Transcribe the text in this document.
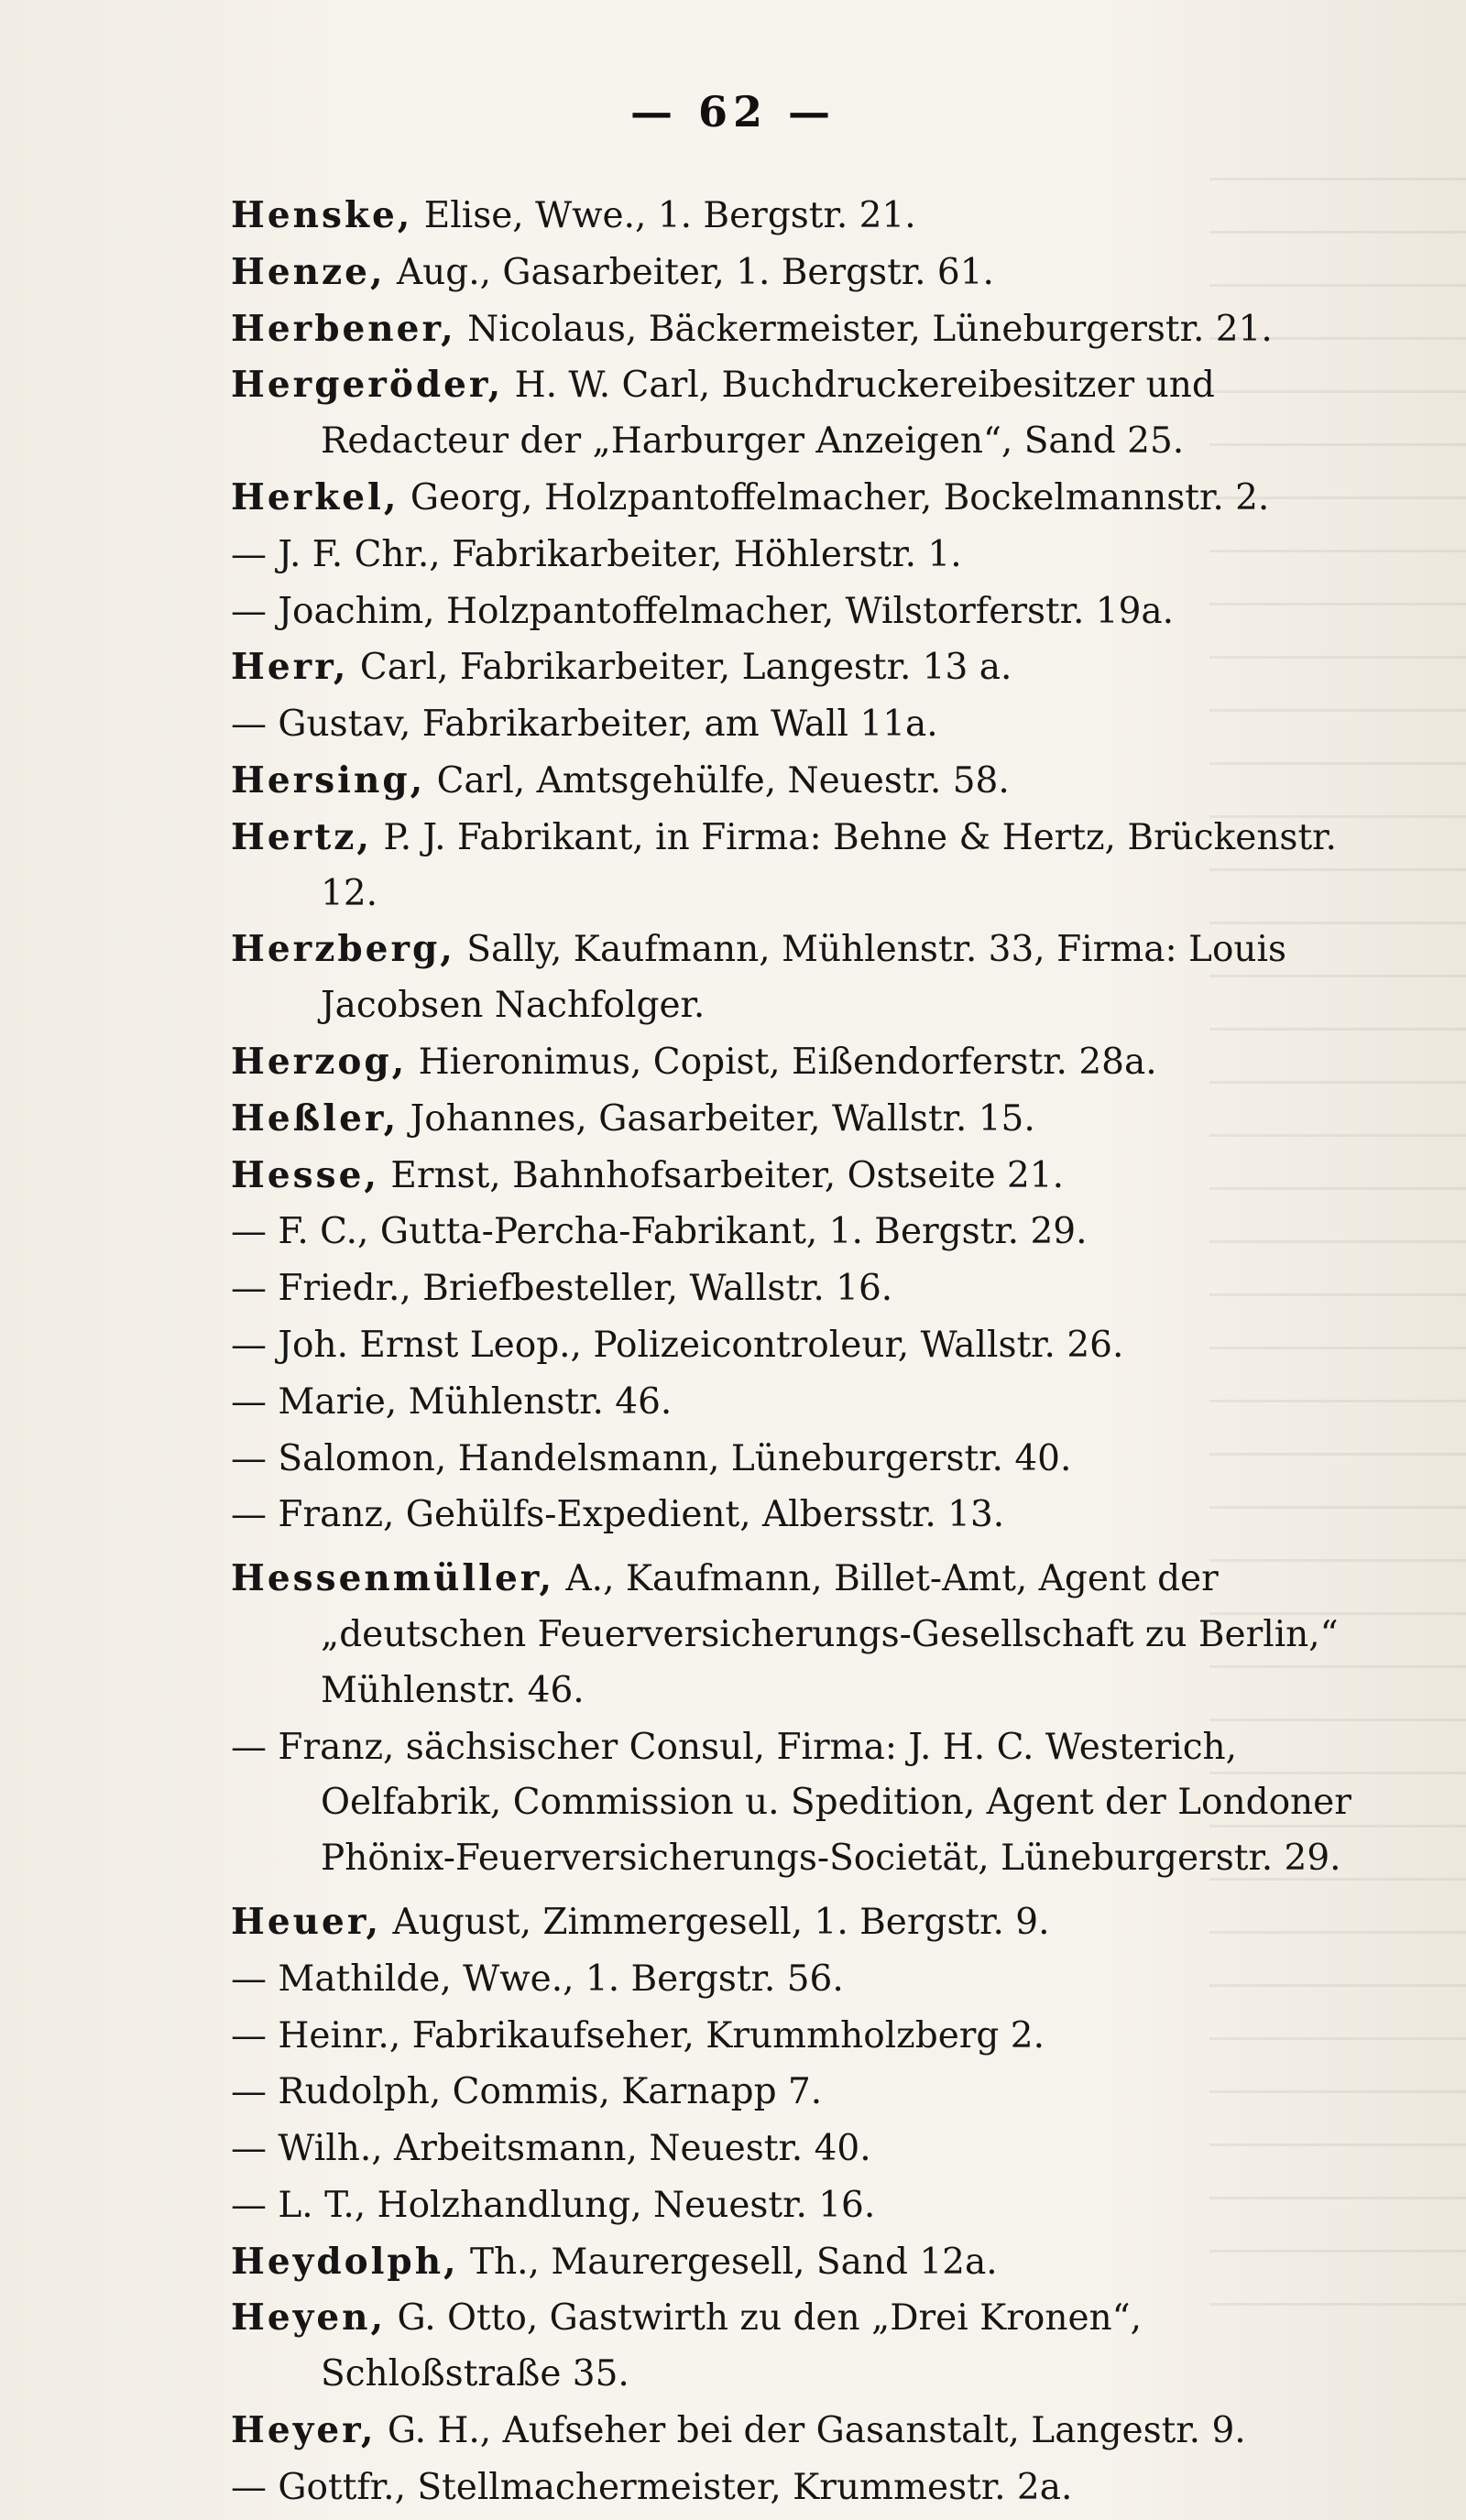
— 62 —

Henske, Elise, Wwe., 1. Bergstr. 21.

Henze, Aug., Gasarbeiter, 1. Bergstr. 61.

Herbener, Nicolaus, Bäckermeister, Lüneburgerstr. 21.

Hergeröder, H. W. Carl, Buchdruckereibesitzer und Redacteur der „Harburger Anzeigen“, Sand 25.

Herkel, Georg, Holzpantoffelmacher, Bockelmannstr. 2.

— J. F. Chr., Fabrikarbeiter, Höhlerstr. 1.

— Joachim, Holzpantoffelmacher, Wilstorferstr. 19a.

Herr, Carl, Fabrikarbeiter, Langestr. 13 a.

— Gustav, Fabrikarbeiter, am Wall 11a.

Hersing, Carl, Amtsgehülfe, Neuestr. 58.

Hertz, P. J. Fabrikant, in Firma: Behne & Hertz, Brückenstr. 12.

Herzberg, Sally, Kaufmann, Mühlenstr. 33, Firma: Louis Jacobsen Nachfolger.

Herzog, Hieronimus, Copist, Eißendorferstr. 28a.

Heßler, Johannes, Gasarbeiter, Wallstr. 15.

Hesse, Ernst, Bahnhofsarbeiter, Ostseite 21.

— F. C., Gutta-Percha-Fabrikant, 1. Bergstr. 29.

— Friedr., Briefbesteller, Wallstr. 16.

— Joh. Ernst Leop., Polizeicontroleur, Wallstr. 26.

— Marie, Mühlenstr. 46.

— Salomon, Handelsmann, Lüneburgerstr. 40.

— Franz, Gehülfs-Expedient, Albersstr. 13.

Hessenmüller, A., Kaufmann, Billet-Amt, Agent der „deutschen Feuerversicherungs-Gesellschaft zu Berlin,“ Mühlenstr. 46.

— Franz, sächsischer Consul, Firma: J. H. C. Westerich, Oelfabrik, Commission u. Spedition, Agent der Londoner Phönix-Feuerversicherungs-Societät, Lüneburgerstr. 29.

Heuer, August, Zimmergesell, 1. Bergstr. 9.

— Mathilde, Wwe., 1. Bergstr. 56.

— Heinr., Fabrikaufseher, Krummholzberg 2.

— Rudolph, Commis, Karnapp 7.

— Wilh., Arbeitsmann, Neuestr. 40.

— L. T., Holzhandlung, Neuestr. 16.

Heydolph, Th., Maurergesell, Sand 12a.

Heyen, G. Otto, Gastwirth zu den „Drei Kronen“, Schloßstraße 35.

Heyer, G. H., Aufseher bei der Gasanstalt, Langestr. 9.

— Gottfr., Stellmachermeister, Krummestr. 2a.
